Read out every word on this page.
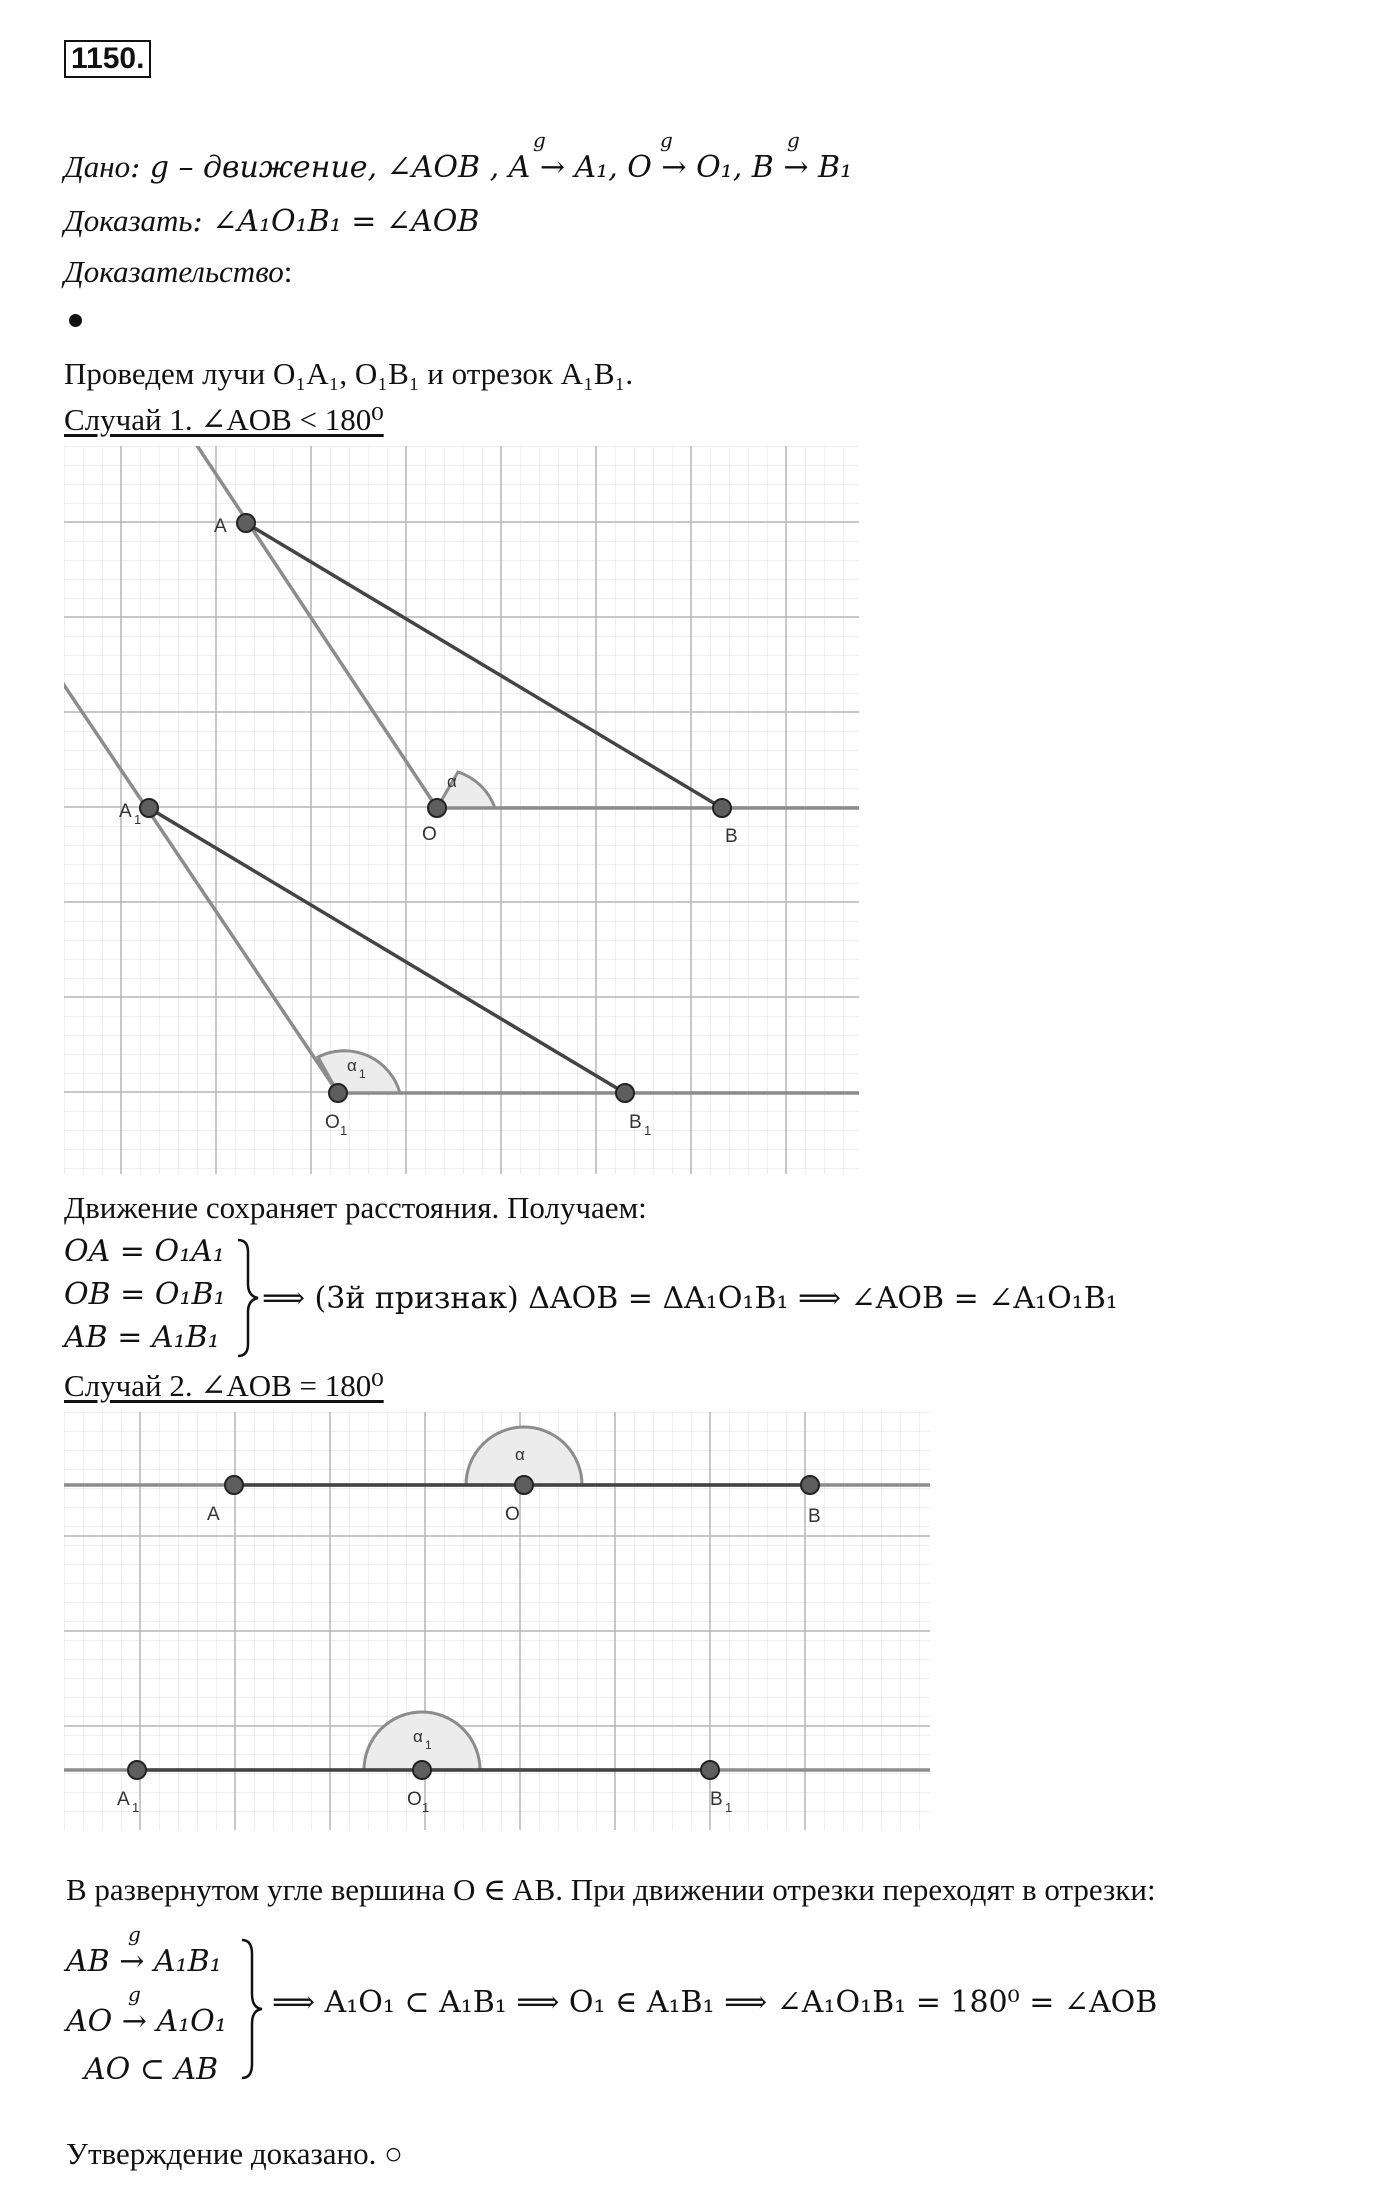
1150.
Дано: g – движение, ∠AOB , A → A₁, O → O₁, B → B₁
g	g	g
Доказать: ∠A₁O₁B₁ = ∠AOB
Доказательство:
Проведем лучи O₁A₁, O₁B₁ и отрезок A₁B₁.
Случай 1. ∠AOB < 180⁰
A
O	B
α
A 1
O 1	B 1
α 1
Движение сохраняет расстояния. Получаем:
OA = O₁A₁
OB = O₁B₁
AB = A₁B₁
⟹ (3й признак) ΔAOB = ΔA₁O₁B₁ ⟹ ∠AOB = ∠A₁O₁B₁
Случай 2. ∠AOB = 180⁰
A	O	B
α
A 1	O 1	B 1
α 1
В развернутом угле вершина O ∈ AB. При движении отрезки переходят в отрезки:
AB → A₁B₁
g
AO → A₁O₁
g
AO ⊂ AB
⟹ A₁O₁ ⊂ A₁B₁ ⟹ O₁ ∈ A₁B₁ ⟹ ∠A₁O₁B₁ = 180⁰ = ∠AOB
Утверждение доказано. ○
